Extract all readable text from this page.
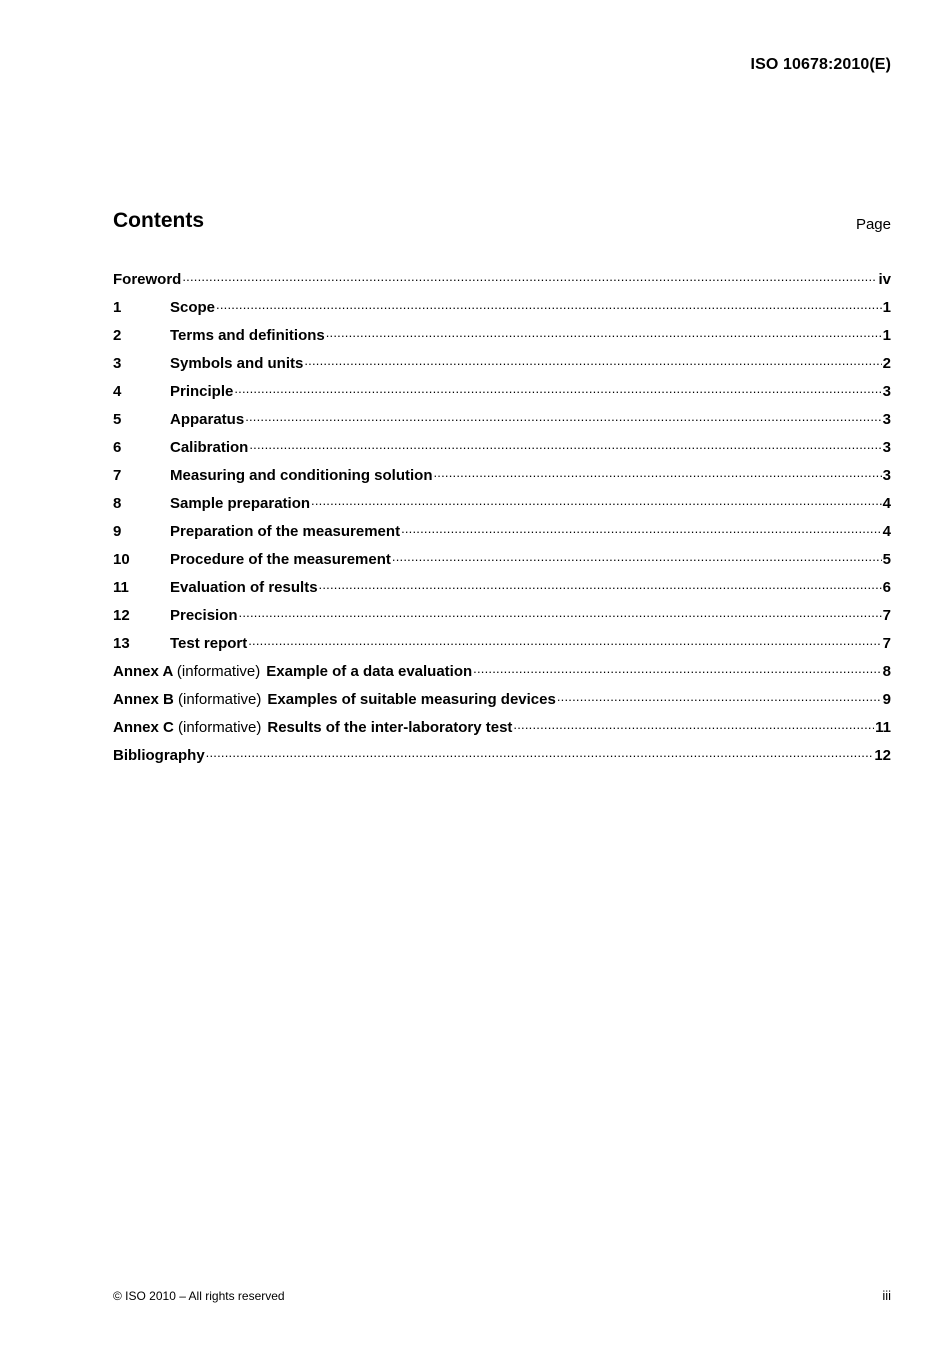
ISO 10678:2010(E)
Contents	Page
Foreword .....	iv
1	Scope .....	1
2	Terms and definitions .....	1
3	Symbols and units .....	2
4	Principle .....	3
5	Apparatus .....	3
6	Calibration .....	3
7	Measuring and conditioning solution .....	3
8	Sample preparation .....	4
9	Preparation of the measurement .....	4
10	Procedure of the measurement .....	5
11	Evaluation of results .....	6
12	Precision .....	7
13	Test report .....	7
Annex A (informative) Example of a data evaluation .....	8
Annex B (informative) Examples of suitable measuring devices .....	9
Annex C (informative) Results of the inter-laboratory test .....	11
Bibliography .....	12
© ISO 2010 – All rights reserved	iii
